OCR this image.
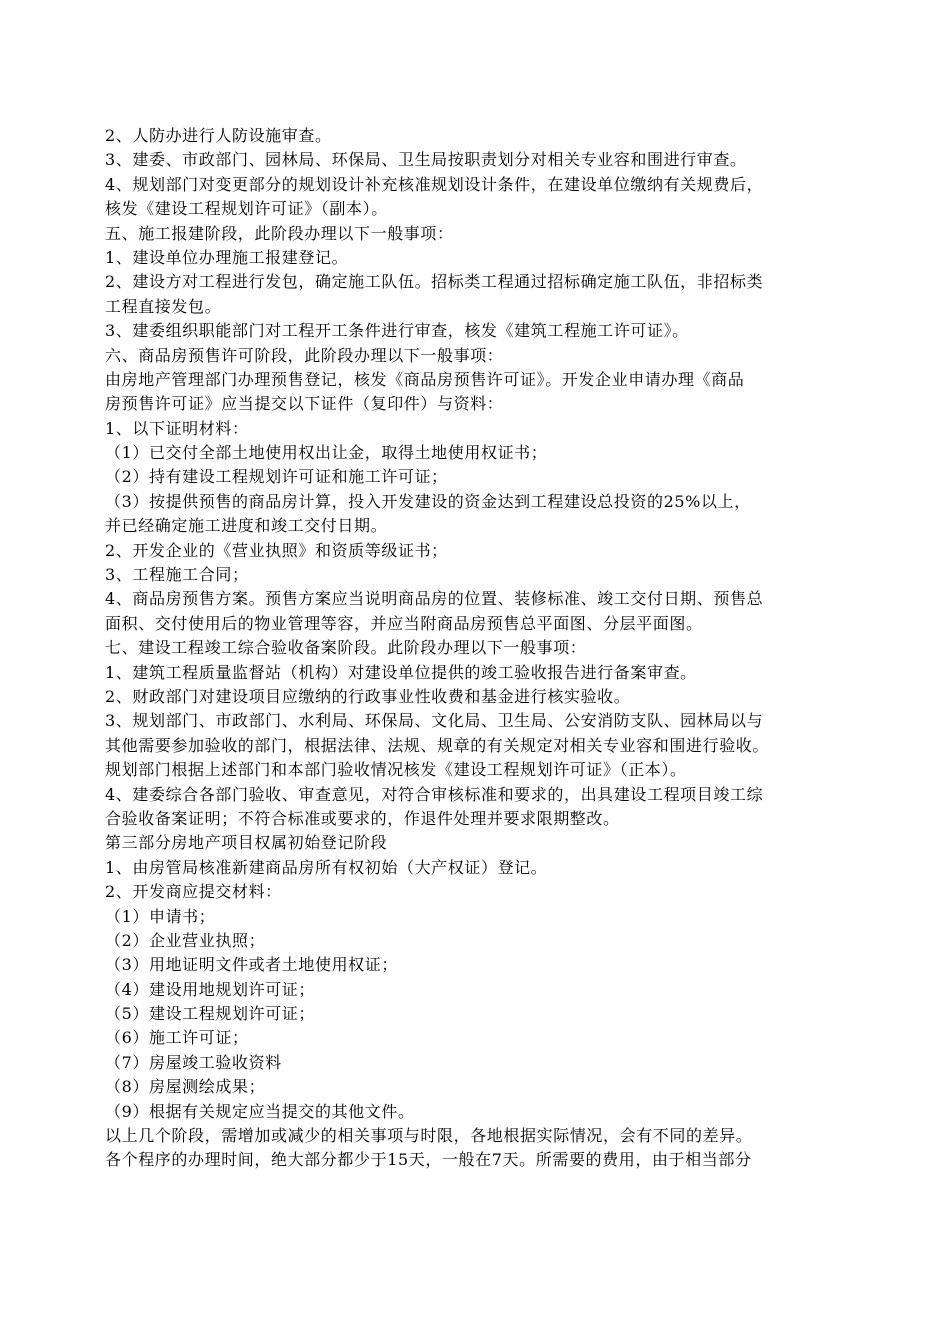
2、人防办进行人防设施审查。
3、建委、市政部门、园林局、环保局、卫生局按职责划分对相关专业容和围进行审查。
4、规划部门对变更部分的规划设计补充核准规划设计条件，在建设单位缴纳有关规费后，
核发《建设工程规划许可证》（副本）。
五、施工报建阶段，此阶段办理以下一般事项：
1、建设单位办理施工报建登记。
2、建设方对工程进行发包，确定施工队伍。招标类工程通过招标确定施工队伍，非招标类
工程直接发包。
3、建委组织职能部门对工程开工条件进行审查，核发《建筑工程施工许可证》。
六、商品房预售许可阶段，此阶段办理以下一般事项：
由房地产管理部门办理预售登记，核发《商品房预售许可证》。开发企业申请办理《商品
房预售许可证》应当提交以下证件（复印件）与资料：
1、以下证明材料：
（1）已交付全部土地使用权出让金，取得土地使用权证书；
（2）持有建设工程规划许可证和施工许可证；
（3）按提供预售的商品房计算，投入开发建设的资金达到工程建设总投资的25%以上，
并已经确定施工进度和竣工交付日期。
2、开发企业的《营业执照》和资质等级证书；
3、工程施工合同；
4、商品房预售方案。预售方案应当说明商品房的位置、装修标准、竣工交付日期、预售总
面积、交付使用后的物业管理等容，并应当附商品房预售总平面图、分层平面图。
七、建设工程竣工综合验收备案阶段。此阶段办理以下一般事项：
1、建筑工程质量监督站（机构）对建设单位提供的竣工验收报告进行备案审查。
2、财政部门对建设项目应缴纳的行政事业性收费和基金进行核实验收。
3、规划部门、市政部门、水利局、环保局、文化局、卫生局、公安消防支队、园林局以与
其他需要参加验收的部门，根据法律、法规、规章的有关规定对相关专业容和围进行验收。
规划部门根据上述部门和本部门验收情况核发《建设工程规划许可证》（正本）。
4、建委综合各部门验收、审查意见，对符合审核标准和要求的，出具建设工程项目竣工综
合验收备案证明；不符合标准或要求的，作退件处理并要求限期整改。
第三部分房地产项目权属初始登记阶段
1、由房管局核准新建商品房所有权初始（大产权证）登记。
2、开发商应提交材料：
（1）申请书；
（2）企业营业执照；
（3）用地证明文件或者土地使用权证；
（4）建设用地规划许可证；
（5）建设工程规划许可证；
（6）施工许可证；
（7）房屋竣工验收资料
（8）房屋测绘成果；
（9）根据有关规定应当提交的其他文件。
以上几个阶段，需增加或减少的相关事项与时限，各地根据实际情况，会有不同的差异。
各个程序的办理时间，绝大部分都少于15天，一般在7天。所需要的费用，由于相当部分
